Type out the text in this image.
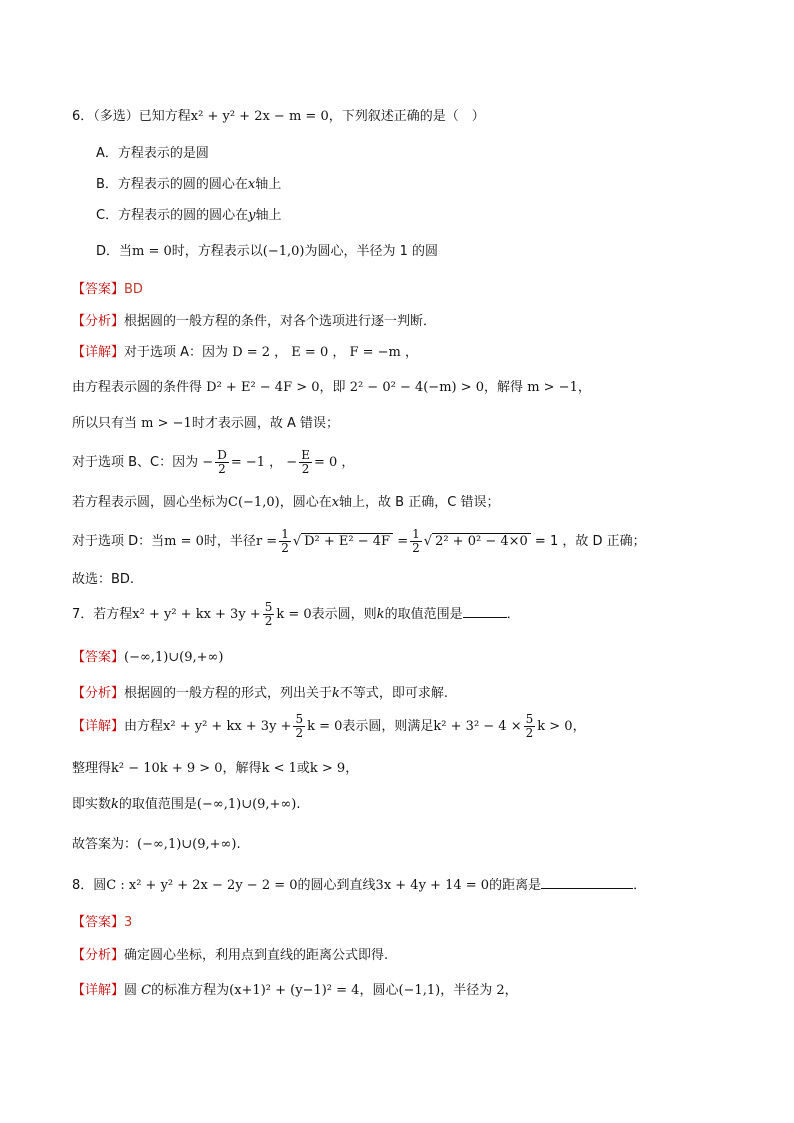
6．（多选）已知方程x² + y² + 2x − m = 0，下列叙述正确的是（　）
A．方程表示的是圆
B．方程表示的圆的圆心在x轴上
C．方程表示的圆的圆心在y轴上
D．当m = 0时，方程表示以(−1,0)为圆心，半径为 1 的圆
【答案】BD
【分析】根据圆的一般方程的条件，对各个选项进行逐一判断．
【详解】对于选项 A：因为 D = 2 ， E = 0 ， F = −m ，
由方程表示圆的条件得 D² + E² − 4F > 0，即 2² − 0² − 4(−m) > 0，解得 m > −1，
所以只有当 m > −1时才表示圆，故 A 错误；
对于选项 B、C：因为 − $\frac{D}{2} = -1$ ， − $\frac{E}{2} = 0$ ，
若方程表示圆，圆心坐标为C(−1,0)，圆心在x轴上，故 B 正确，C 错误；
对于选项 D：当m = 0时，半径$r = \frac{1}{2}$ √ $D^2 + E^2 - 4F = \frac{1}{2}$ √ 2² + 0² − 4×0 = 1 ，故 D 正确；
故选：BD.
7．若方程x² + y² + kx + $3y + \frac{5}{2}$ k = 0表示圆，则k的取值范围是	．
【答案】(−∞,1)∪(9,+∞)
【分析】根据圆的一般方程的形式，列出关于k不等式，即可求解.
【详解】由方程x² + y² + kx + $3y + \frac{5}{2}$ k = 0表示圆，则满足$k^2 + 3^2 - 4 \times \frac{5}{2}$ k > 0，
整理得k² − 10k + 9 > 0，解得k < 1或k > 9，
即实数k的取值范围是(−∞,1)∪(9,+∞).
故答案为：(−∞,1)∪(9,+∞).
8．圆C : x² + y² + 2x − 2y − 2 = 0的圆心到直线3x + 4y + 14 = 0的距离是	．
【答案】3
【分析】确定圆心坐标，利用点到直线的距离公式即得.
【详解】圆 C的标准方程为(x+1)² + (y−1)² = 4，圆心(−1,1)，半径为 2，
